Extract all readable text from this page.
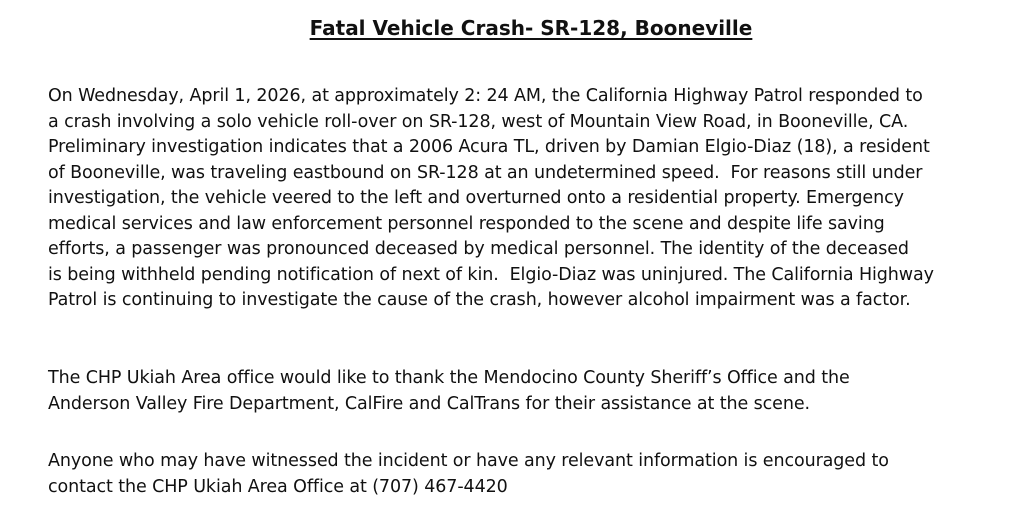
Fatal Vehicle Crash- SR-128, Booneville

On Wednesday, April 1, 2026, at approximately 2: 24 AM, the California Highway Patrol responded to
a crash involving a solo vehicle roll-over on SR-128, west of Mountain View Road, in Booneville, CA.
Preliminary investigation indicates that a 2006 Acura TL, driven by Damian Elgio-Diaz (18), a resident
of Booneville, was traveling eastbound on SR-128 at an undetermined speed.  For reasons still under
investigation, the vehicle veered to the left and overturned onto a residential property. Emergency
medical services and law enforcement personnel responded to the scene and despite life saving
efforts, a passenger was pronounced deceased by medical personnel. The identity of the deceased
is being withheld pending notification of next of kin.  Elgio-Diaz was uninjured. The California Highway
Patrol is continuing to investigate the cause of the crash, however alcohol impairment was a factor.

The CHP Ukiah Area office would like to thank the Mendocino County Sheriff’s Office and the
Anderson Valley Fire Department, CalFire and CalTrans for their assistance at the scene.

Anyone who may have witnessed the incident or have any relevant information is encouraged to
contact the CHP Ukiah Area Office at (707) 467-4420
